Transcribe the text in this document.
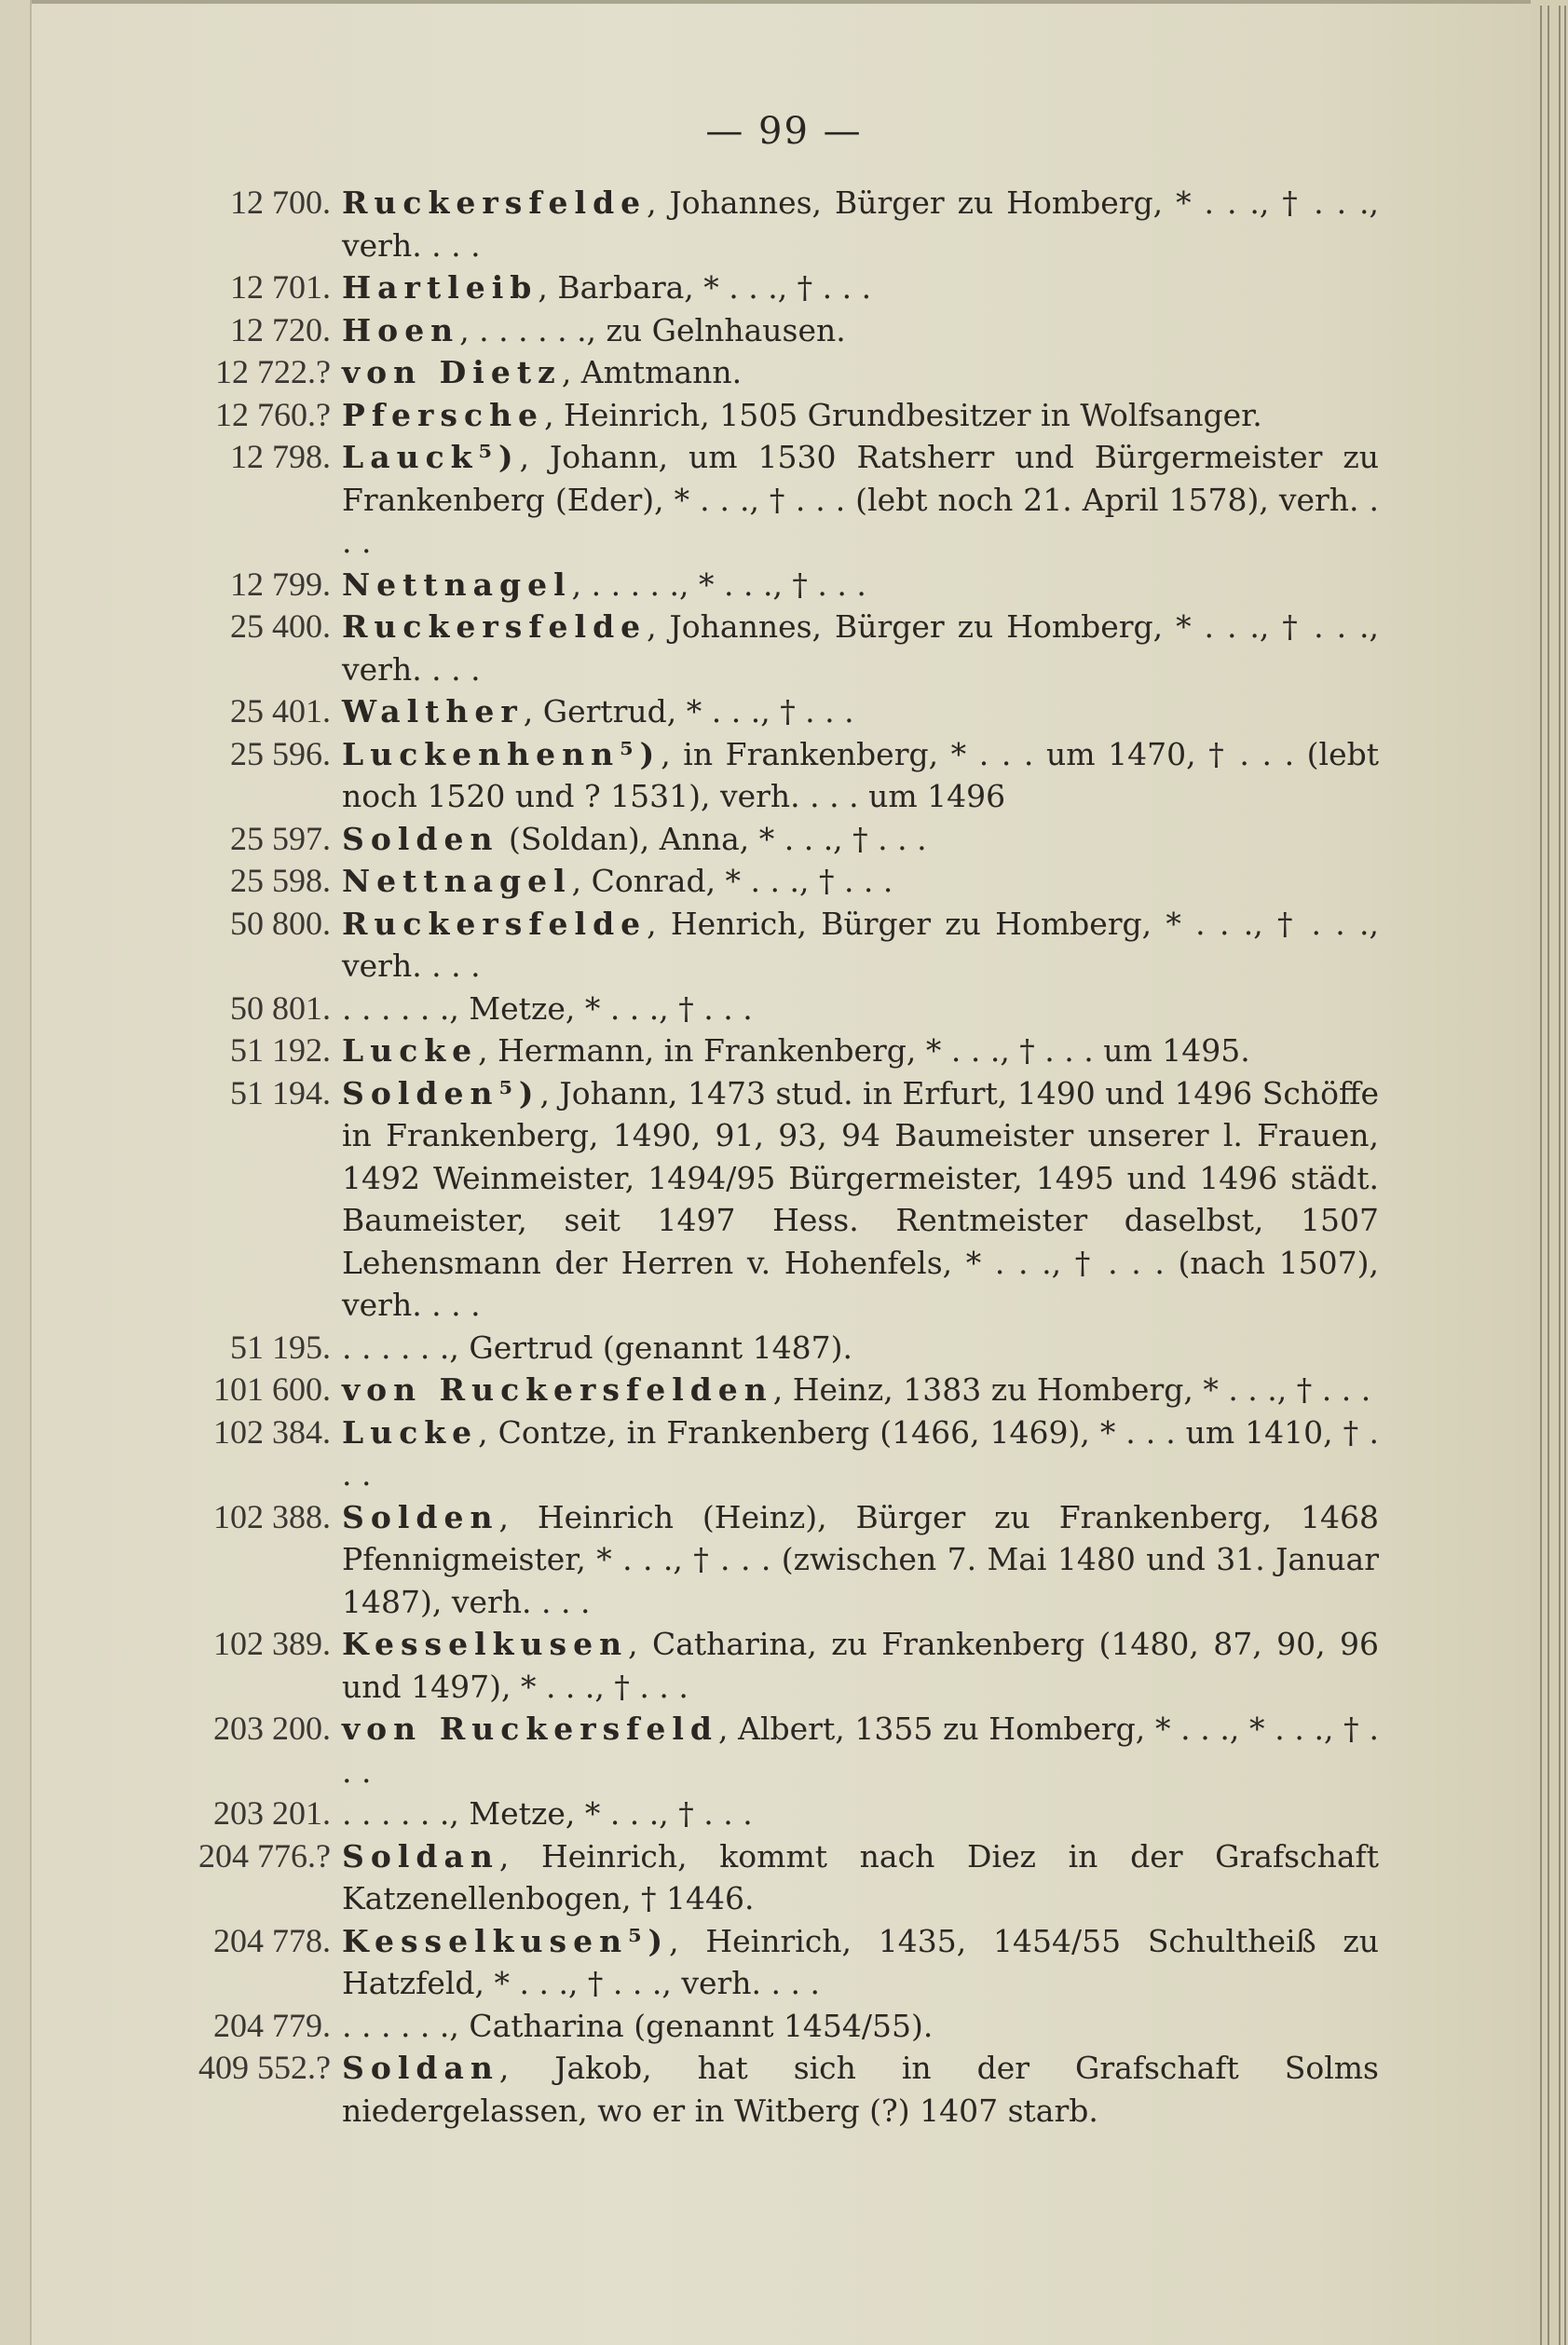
— 99 —
12 700. Ruckersfelde, Johannes, Bürger zu Homberg, * . . ., † . . ., verh. . . .
12 701. Hartleib, Barbara, * . . ., † . . .
12 720. Hoen, . . . . . ., zu Gelnhausen.
12 722.? von Dietz, Amtmann.
12 760.? Pfersche, Heinrich, 1505 Grundbesitzer in Wolfsanger.
12 798. Lauck⁵), Johann, um 1530 Ratsherr und Bürgermeister zu Frankenberg (Eder), * . . ., † . . . (lebt noch 21. April 1578), verh. . . .
12 799. Nettnagel, . . . . ., * . . ., † . . .
25 400. Ruckersfelde, Johannes, Bürger zu Homberg, * . . ., † . . ., verh. . . .
25 401. Walther, Gertrud, * . . ., † . . .
25 596. Luckenhenn⁵), in Frankenberg, * . . . um 1470, † . . . (lebt noch 1520 und ? 1531), verh. . . . um 1496
25 597. Solden (Soldan), Anna, * . . ., † . . .
25 598. Nettnagel, Conrad, * . . ., † . . .
50 800. Ruckersfelde, Henrich, Bürger zu Homberg, * . . ., † . . ., verh. . . .
50 801. . . . . . ., Metze, * . . ., † . . .
51 192. Lucke, Hermann, in Frankenberg, * . . ., † . . . um 1495.
51 194. Solden⁵), Johann, 1473 stud. in Erfurt, 1490 und 1496 Schöffe in Frankenberg, 1490, 91, 93, 94 Baumeister unserer l. Frauen, 1492 Weinmeister, 1494/95 Bürgermeister, 1495 und 1496 städt. Baumeister, seit 1497 Hess. Rentmeister daselbst, 1507 Lehensmann der Herren v. Hohenfels, * . . ., † . . . (nach 1507), verh. . . .
51 195. . . . . . ., Gertrud (genannt 1487).
101 600. von Ruckersfelden, Heinz, 1383 zu Homberg, * . . ., † . . .
102 384. Lucke, Contze, in Frankenberg (1466, 1469), * . . . um 1410, † . . .
102 388. Solden, Heinrich (Heinz), Bürger zu Frankenberg, 1468 Pfennigmeister, * . . ., † . . . (zwischen 7. Mai 1480 und 31. Januar 1487), verh. . . .
102 389. Kesselkusen, Catharina, zu Frankenberg (1480, 87, 90, 96 und 1497), * . . ., † . . .
203 200. von Ruckersfeld, Albert, 1355 zu Homberg, * . . ., * . . ., † . . .
203 201. . . . . . ., Metze, * . . ., † . . .
204 776.? Soldan, Heinrich, kommt nach Diez in der Grafschaft Katzenellenbogen, † 1446.
204 778. Kesselkusen⁵), Heinrich, 1435, 1454/55 Schultheiß zu Hatzfeld, * . . ., † . . ., verh. . . .
204 779. . . . . . ., Catharina (genannt 1454/55).
409 552.? Soldan, Jakob, hat sich in der Grafschaft Solms niedergelassen, wo er in Witberg (?) 1407 starb.
